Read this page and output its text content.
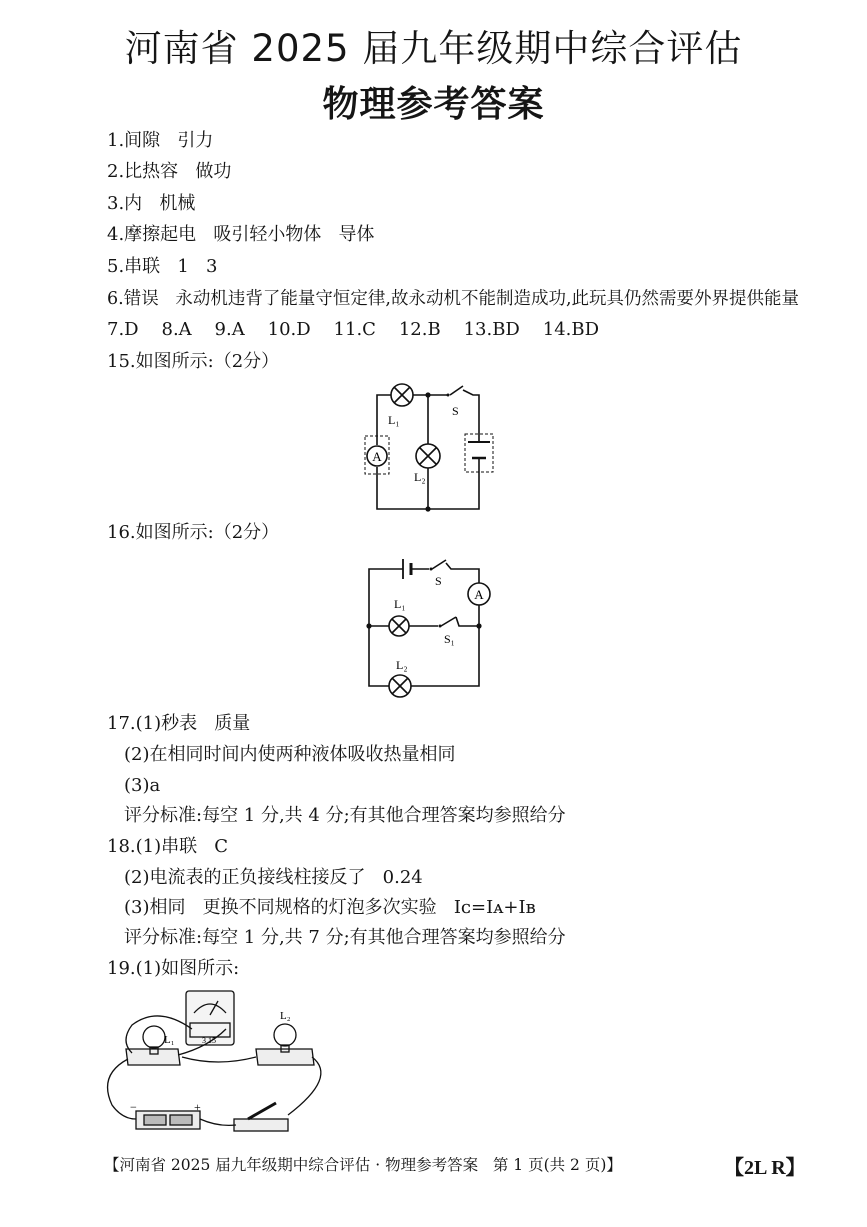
河南省 2025 届九年级期中综合评估
物理参考答案
1.间隙   引力
2.比热容   做功
3.内   机械
4.摩擦起电   吸引轻小物体   导体
5.串联   1   3
6.错误   永动机违背了能量守恒定律,故永动机不能制造成功,此玩具仍然需要外界提供能量
7.D    8.A    9.A    10.D    11.C    12.B    13.BD    14.BD
15.如图所示:（2分）
A
L₁
L₂
S
16.如图所示:（2分）
A
S
S₁
L₁
L₂
17.(1)秒表   质量
(2)在相同时间内使两种液体吸收热量相同
(3)a
评分标准:每空 1 分,共 4 分;有其他合理答案均参照给分
18.(1)串联   C
(2)电流表的正负接线柱接反了   0.24
(3)相同   更换不同规格的灯泡多次实验   Iᴄ=Iᴀ+Iʙ
评分标准:每空 1 分,共 7 分;有其他合理答案均参照给分
19.(1)如图所示:
3 15
L₁
L₂
−	+
【河南省 2025 届九年级期中综合评估 · 物理参考答案   第 1 页(共 2 页)】	【2L R】
